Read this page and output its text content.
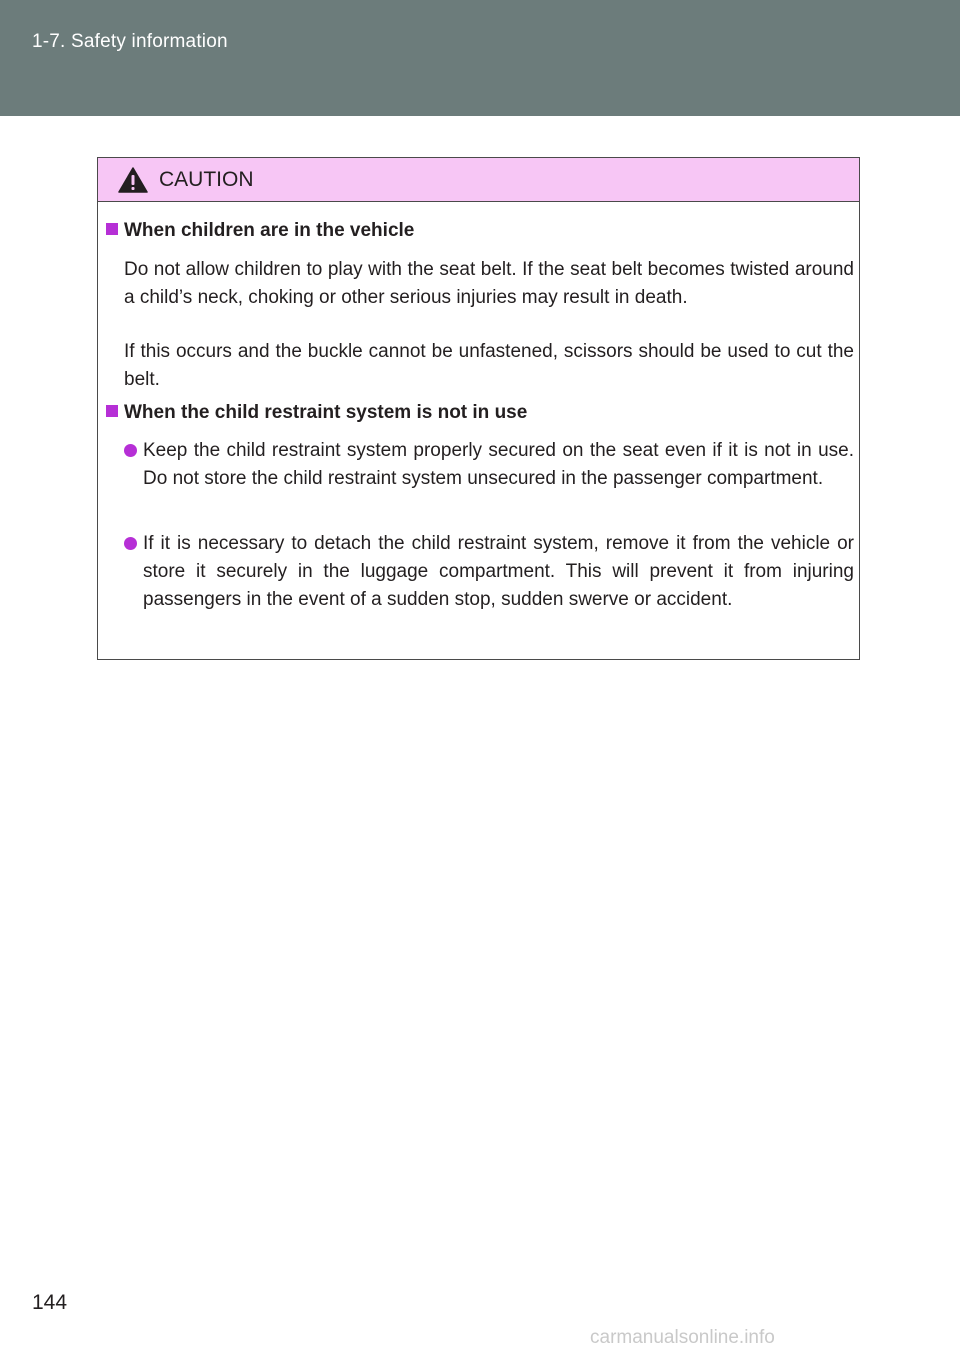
1-7. Safety information
CAUTION
When children are in the vehicle
Do not allow children to play with the seat belt. If the seat belt becomes twisted around a child’s neck, choking or other serious injuries may result in death.
If this occurs and the buckle cannot be unfastened, scissors should be used to cut the belt.
When the child restraint system is not in use
Keep the child restraint system properly secured on the seat even if it is not in use. Do not store the child restraint system unsecured in the passenger compartment.
If it is necessary to detach the child restraint system, remove it from the vehicle or store it securely in the luggage compartment. This will prevent it from injuring passengers in the event of a sudden stop, sudden swerve or accident.
144
carmanualsonline.info
